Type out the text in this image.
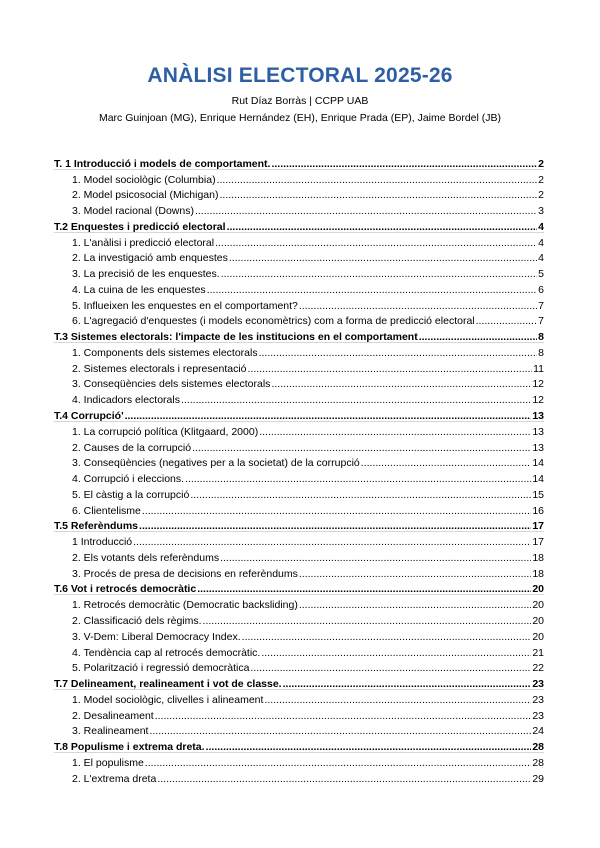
ANÀLISI ELECTORAL 2025-26
Rut Díaz Borràs | CCPP UAB
Marc Guinjoan (MG), Enrique Hernández (EH), Enrique Prada (EP), Jaime Bordel (JB)
T. 1 Introducció i models de comportament. .....	2
1. Model sociològic (Columbia) .....	2
2. Model psicosocial (Michigan) .....	2
3. Model racional (Downs) .....	3
T.2 Enquestes i predicció electoral .....	4
1. L'anàlisi i predicció electoral .....	4
2. La investigació amb enquestes .....	4
3. La precisió de les enquestes. .....	5
4. La cuina de les enquestes .....	6
5. Influeixen les enquestes en el comportament? .....	7
6. L'agregació d'enquestes (i models economètrics) com a forma de predicció electoral .....	7
T.3 Sistemes electorals: l'impacte de les institucions en el comportament .....	8
1. Components dels sistemes electorals .....	8
2. Sistemes electorals i representació .....	11
3. Conseqüències dels sistemes electorals .....	12
4. Indicadors electorals .....	12
T.4 Corrupció' .....	13
1. La corrupció política (Klitgaard, 2000) .....	13
2. Causes de la corrupció .....	13
3. Conseqüències (negatives per a la societat) de la corrupció .....	14
4. Corrupció i eleccions. .....	14
5. El càstig a la corrupció .....	15
6. Clientelisme .....	16
T.5 Referèndums .....	17
1 Introducció .....	17
2. Els votants dels referèndums .....	18
3. Procés de presa de decisions en referèndums .....	18
T.6 Vot i retrocés democràtic .....	20
1. Retrocés democràtic (Democratic backsliding) .....	20
2. Classificació dels règims. .....	20
3. V-Dem: Liberal Democracy Index. .....	20
4. Tendència cap al retrocés democràtic. .....	21
5. Polarització i regressió democràtica .....	22
T.7 Delineament, realineament i vot de classe. .....	23
1. Model sociològic, clivelles i alineament .....	23
2. Desalineament .....	23
3. Realineament .....	24
T.8 Populisme i extrema dreta. .....	28
1. El populisme .....	28
2. L'extrema dreta .....	29
